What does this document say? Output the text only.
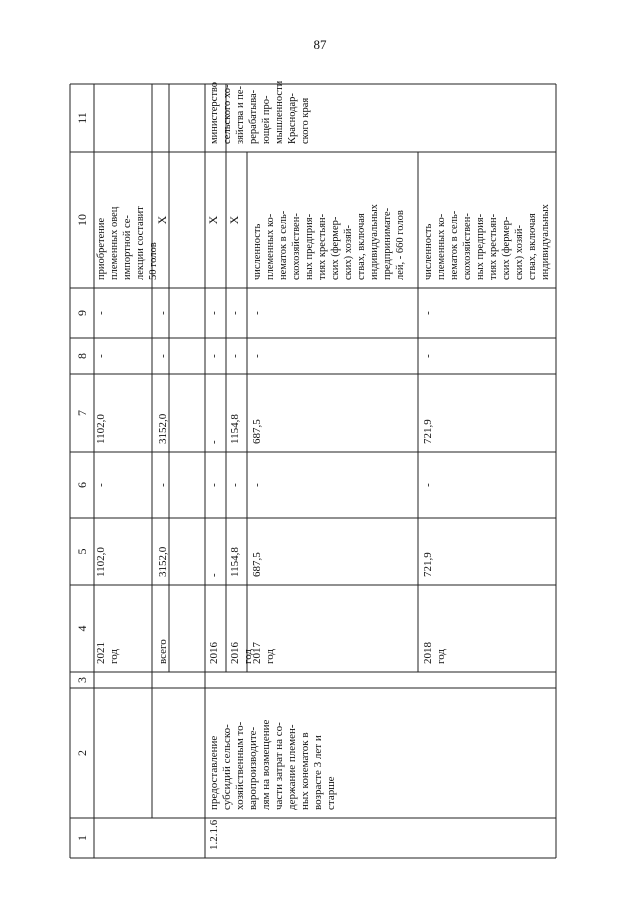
87
1
2
3
4
5
6
7
8
9
10
11
2021год
1102,0
-
1102,0
-
-
приобретение племенных овец импортной се- лекции составит 50 голов
всего
3152,0
-
3152,0
-
-
X
1.2.1.6
предоставлениесубсидий сельско-хозяйственным то-варопроизводите-лям на возмещениечасти затрат на со-держание племен-ных конематок ввозрасте 3 лет истарше
2016
-
-
-
-
-
X
министерство сельского хо- зяйства и пе- рерабатыва- ющей про- мышленности Краснодар- ского края
2016год
1154,8
-
1154,8
-
-
X
2017год
687,5
-
687,5
-
-
численность племенных ко- нематок в сель- скохозяйствен- ных предприя- тиях крестьян- ских (фермер- ских) хозяй- ствах, включая индивидуальных предпринимате- лей, - 660 голов
2018год
721,9
-
721,9
-
-
численность племенных ко- нематок в сель- скохозяйствен- ных предприя- тиях крестьян- ских (фермер- ских) хозяй- ствах, включая индивидуальных
